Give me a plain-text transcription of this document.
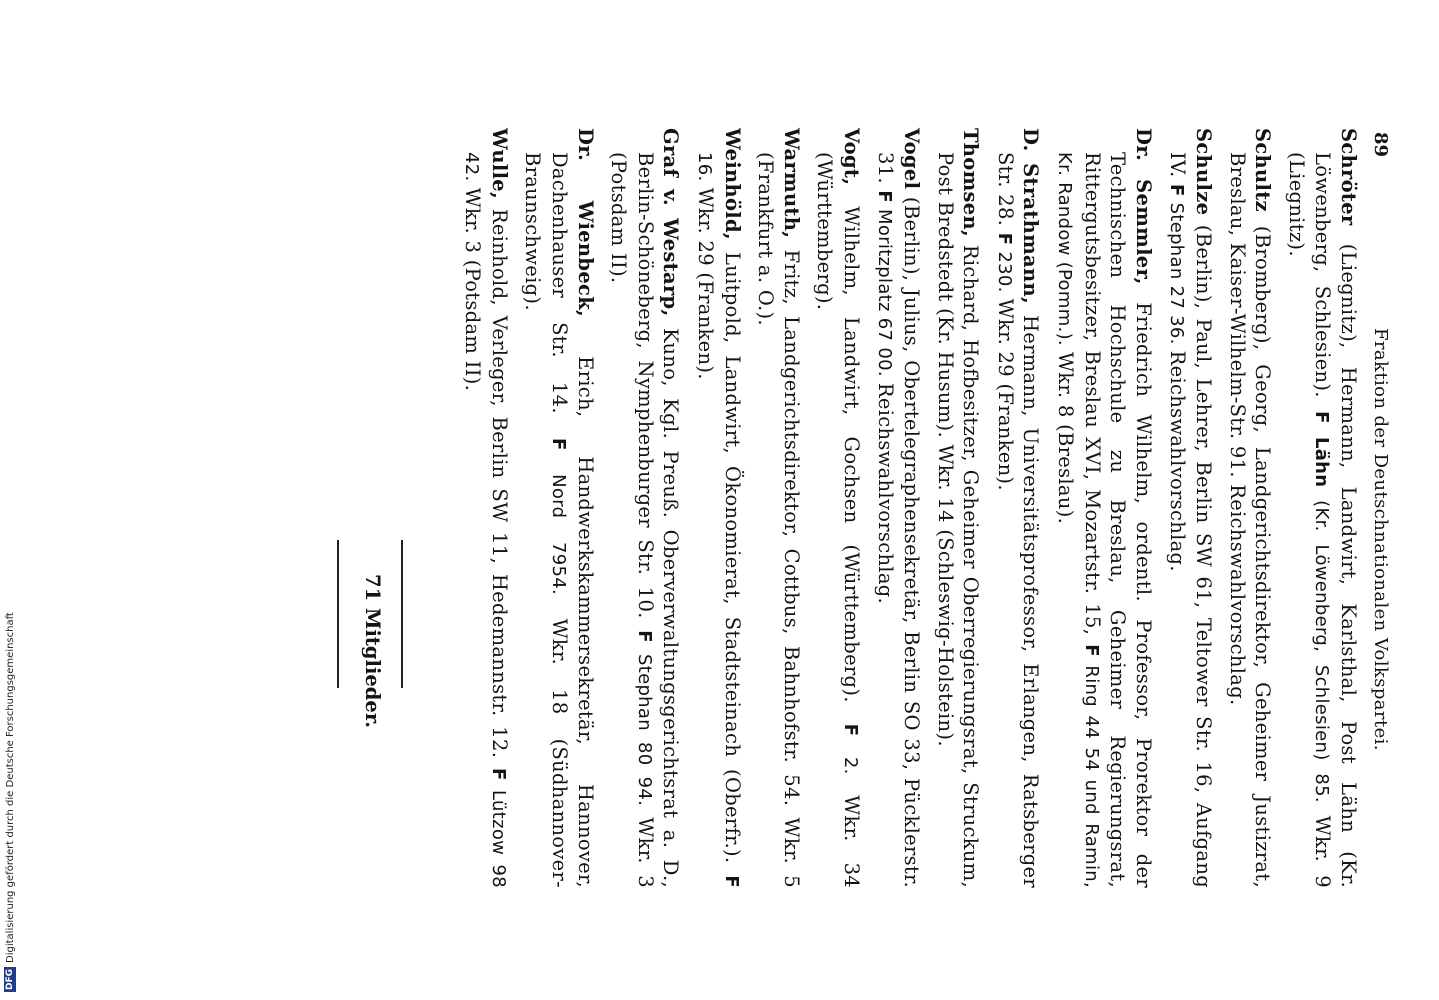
89
Fraktion der Deutschnationalen Volkspartei.

Schröter (Liegnitz), Hermann, Landwirt, Karlsthal, Post Lähn (Kr. Löwenberg, Schlesien). F Lähn (Kr. Löwenberg, Schlesien) 85. Wkr. 9 (Liegnitz).

Schultz (Bromberg), Georg, Landgerichtsdirektor, Geheimer Justizrat, Breslau, Kaiser-Wilhelm-Str. 91. Reichswahlvorschlag.

Schulze (Berlin), Paul, Lehrer, Berlin SW 61, Teltower Str. 16, Aufgang IV. F Stephan 27 36. Reichswahlvorschlag.

Dr. Semmler, Friedrich Wilhelm, ordentl. Professor, Prorektor der Technischen Hochschule zu Breslau, Geheimer Regierungsrat, Rittergutsbesitzer, Breslau XVI, Mozartstr. 15, F Ring 44 54 und Ramin, Kr. Randow (Pomm.). Wkr. 8 (Breslau).

D. Strathmann, Hermann, Universitätsprofessor, Erlangen, Ratsberger Str. 28. F 230. Wkr. 29 (Franken).

Thomsen, Richard, Hofbesitzer, Geheimer Oberregierungsrat, Struckum, Post Bredstedt (Kr. Husum). Wkr. 14 (Schleswig-Holstein).

Vogel (Berlin), Julius, Obertelegraphensekretär, Berlin SO 33, Pücklerstr. 31. F Moritzplatz 67 00. Reichswahlvorschlag.

Vogt, Wilhelm, Landwirt, Gochsen (Württemberg). F 2. Wkr. 34 (Württemberg).

Warmuth, Fritz, Landgerichtsdirektor, Cottbus, Bahnhofstr. 54. Wkr. 5 (Frankfurt a. O.).

Weinhöld, Luitpold, Landwirt, Ökonomierat, Stadtsteinach (Oberfr.). F 16. Wkr. 29 (Franken).

Graf v. Westarp, Kuno, Kgl. Preuß. Oberverwaltungsgerichtsrat a. D., Berlin-Schöneberg, Nymphenburger Str. 10. F Stephan 80 94. Wkr. 3 (Potsdam II).

Dr. Wienbeck, Erich, Handwerkskammersekretär, Hannover, Dachenhauser Str. 14. F Nord 7954. Wkr. 18 (Südhannover-Braunschweig).

Wulle, Reinhold, Verleger, Berlin SW 11, Hedemannstr. 12. F Lützow 98 42. Wkr. 3 (Potsdam II).

71 Mitglieder.
DFGDigitalisierung gefördert durch die Deutsche Forschungsgemeinschaft
